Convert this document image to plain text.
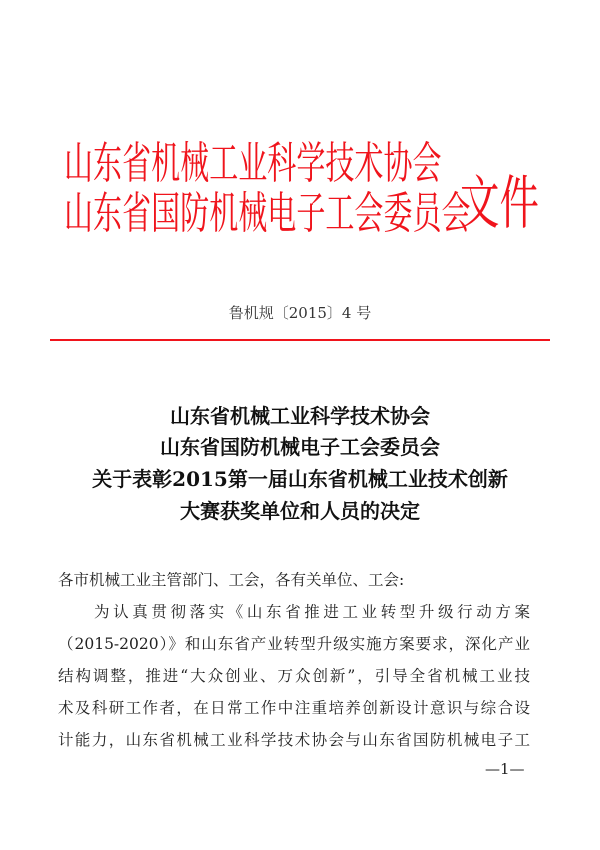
山东省机械工业科学技术协会
山东省国防机械电子工会委员会
文件
鲁机规〔2015〕4 号
山东省机械工业科学技术协会
山东省国防机械电子工会委员会
关于表彰2015第一届山东省机械工业技术创新
大赛获奖单位和人员的决定
各市机械工业主管部门、工会，各有关单位、工会:
为认真贯彻落实《山东省推进工业转型升级行动方案
（2015-2020）》和山东省产业转型升级实施方案要求，深化产业
结构调整，推进“大众创业、万众创新”，引导全省机械工业技
术及科研工作者，在日常工作中注重培养创新设计意识与综合设
计能力，山东省机械工业科学技术协会与山东省国防机械电子工
—1—
